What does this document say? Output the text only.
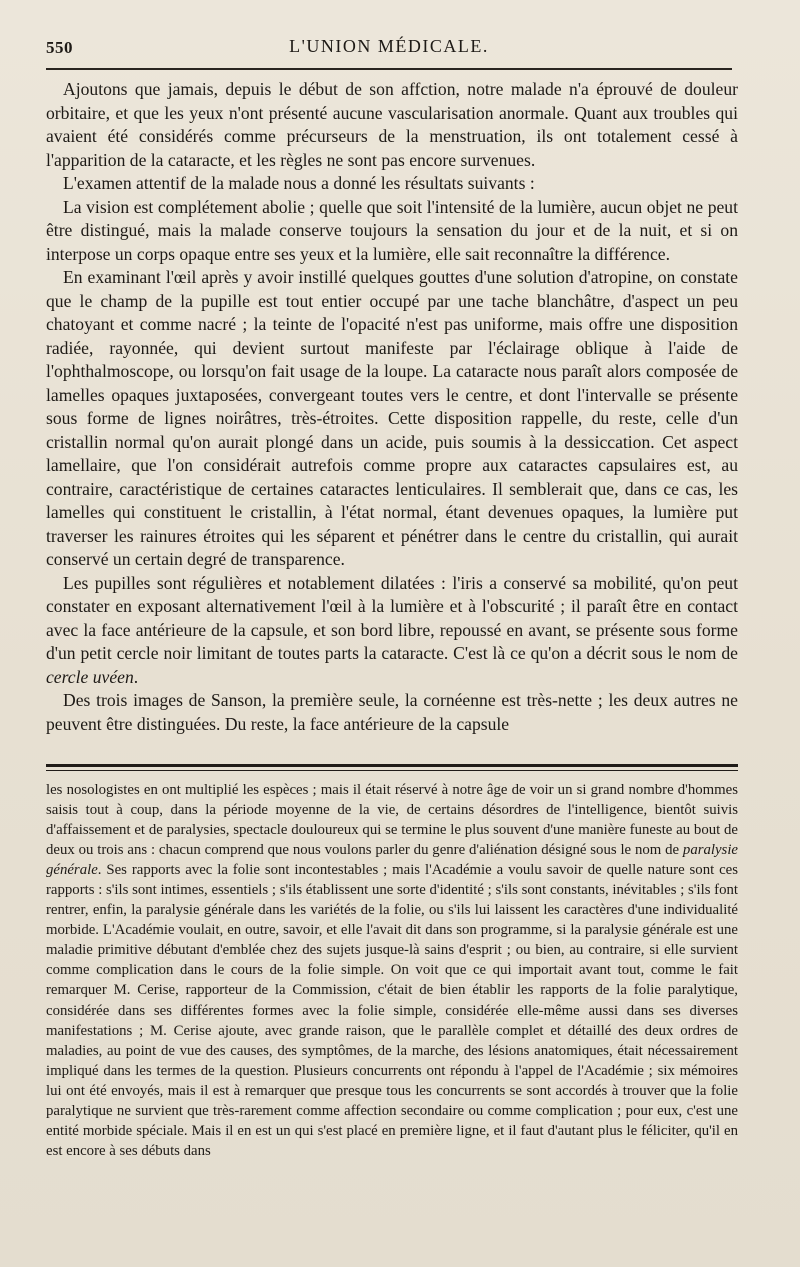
550	L'UNION MÉDICALE.

Ajoutons que jamais, depuis le début de son affction, notre malade n'a éprouvé de douleur orbitaire, et que les yeux n'ont présenté aucune vascularisation anormale. Quant aux troubles qui avaient été considérés comme précurseurs de la menstruation, ils ont totalement cessé à l'apparition de la cataracte, et les règles ne sont pas encore survenues.

L'examen attentif de la malade nous a donné les résultats suivants :

La vision est complétement abolie ; quelle que soit l'intensité de la lumière, aucun objet ne peut être distingué, mais la malade conserve toujours la sensation du jour et de la nuit, et si on interpose un corps opaque entre ses yeux et la lumière, elle sait reconnaître la différence.

En examinant l'œil après y avoir instillé quelques gouttes d'une solution d'atropine, on constate que le champ de la pupille est tout entier occupé par une tache blanchâtre, d'aspect un peu chatoyant et comme nacré ; la teinte de l'opacité n'est pas uniforme, mais offre une disposition radiée, rayonnée, qui devient surtout manifeste par l'éclairage oblique à l'aide de l'ophthalmoscope, ou lorsqu'on fait usage de la loupe. La cataracte nous paraît alors composée de lamelles opaques juxtaposées, convergeant toutes vers le centre, et dont l'intervalle se présente sous forme de lignes noirâtres, très-étroites. Cette disposition rappelle, du reste, celle d'un cristallin normal qu'on aurait plongé dans un acide, puis soumis à la dessiccation. Cet aspect lamellaire, que l'on considérait autrefois comme propre aux cataractes capsulaires est, au contraire, caractéristique de certaines cataractes lenticulaires. Il semblerait que, dans ce cas, les lamelles qui constituent le cristallin, à l'état normal, étant devenues opaques, la lumière put traverser les rainures étroites qui les séparent et pénétrer dans le centre du cristallin, qui aurait conservé un certain degré de transparence.

Les pupilles sont régulières et notablement dilatées : l'iris a conservé sa mobilité, qu'on peut constater en exposant alternativement l'œil à la lumière et à l'obscurité ; il paraît être en contact avec la face antérieure de la capsule, et son bord libre, repoussé en avant, se présente sous forme d'un petit cercle noir limitant de toutes parts la cataracte. C'est là ce qu'on a décrit sous le nom de cercle uvéen.

Des trois images de Sanson, la première seule, la cornéenne est très-nette ; les deux autres ne peuvent être distinguées. Du reste, la face antérieure de la capsule

les nosologistes en ont multiplié les espèces ; mais il était réservé à notre âge de voir un si grand nombre d'hommes saisis tout à coup, dans la période moyenne de la vie, de certains désordres de l'intelligence, bientôt suivis d'affaissement et de paralysies, spectacle douloureux qui se termine le plus souvent d'une manière funeste au bout de deux ou trois ans : chacun comprend que nous voulons parler du genre d'aliénation désigné sous le nom de paralysie générale. Ses rapports avec la folie sont incontestables ; mais l'Académie a voulu savoir de quelle nature sont ces rapports : s'ils sont intimes, essentiels ; s'ils établissent une sorte d'identité ; s'ils sont constants, inévitables ; s'ils font rentrer, enfin, la paralysie générale dans les variétés de la folie, ou s'ils lui laissent les caractères d'une individualité morbide. L'Académie voulait, en outre, savoir, et elle l'avait dit dans son programme, si la paralysie générale est une maladie primitive débutant d'emblée chez des sujets jusque-là sains d'esprit ; ou bien, au contraire, si elle survient comme complication dans le cours de la folie simple. On voit que ce qui importait avant tout, comme le fait remarquer M. Cerise, rapporteur de la Commission, c'était de bien établir les rapports de la folie paralytique, considérée dans ses différentes formes avec la folie simple, considérée elle-même aussi dans ses diverses manifestations ; M. Cerise ajoute, avec grande raison, que le parallèle complet et détaillé des deux ordres de maladies, au point de vue des causes, des symptômes, de la marche, des lésions anatomiques, était nécessairement impliqué dans les termes de la question. Plusieurs concurrents ont répondu à l'appel de l'Académie ; six mémoires lui ont été envoyés, mais il est à remarquer que presque tous les concurrents se sont accordés à trouver que la folie paralytique ne survient que très-rarement comme affection secondaire ou comme complication ; pour eux, c'est une entité morbide spéciale. Mais il en est un qui s'est placé en première ligne, et il faut d'autant plus le féliciter, qu'il en est encore à ses débuts dans
